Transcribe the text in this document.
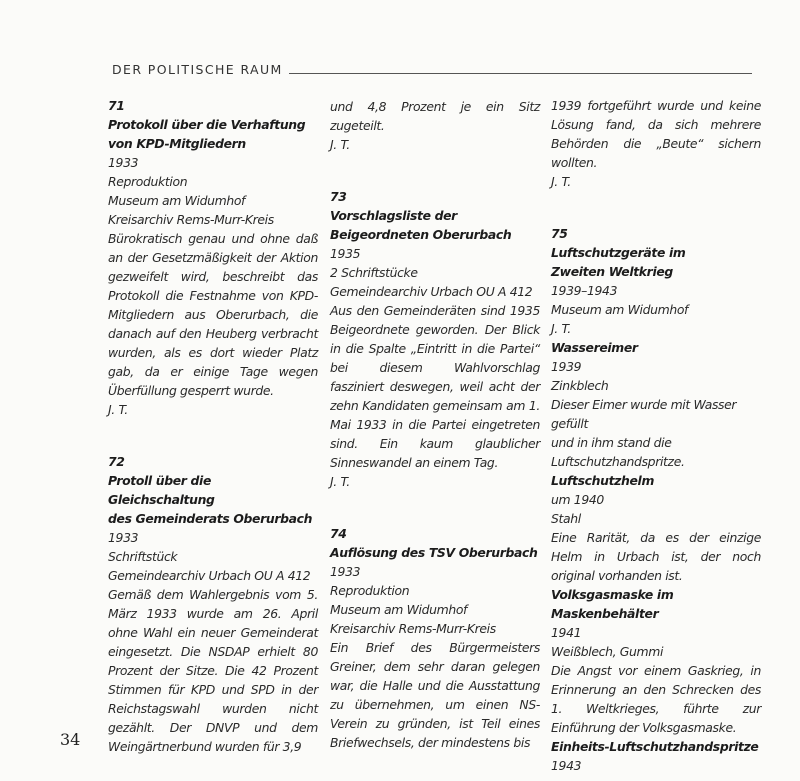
DER POLITISCHE RAUM

71

Protokoll über die Verhaftung

von KPD-Mitgliedern

1933

Reproduktion

Museum am Widumhof

Kreisarchiv Rems-Murr-Kreis

Bürokratisch genau und ohne daß an der Gesetzmäßigkeit der Aktion gezweifelt wird, beschreibt das Protokoll die Festnahme von KPD-Mitgliedern aus Oberurbach, die danach auf den Heuberg verbracht wurden, als es dort wieder Platz gab, da er einige Tage wegen Überfüllung gesperrt wurde.

J. T.

72

Protoll über die Gleichschaltung

des Gemeinderats Oberurbach

1933

Schriftstück

Gemeindearchiv Urbach OU A 412

Gemäß dem Wahlergebnis vom 5. März 1933 wurde am 26. April ohne Wahl ein neuer Gemeinderat eingesetzt. Die NSDAP erhielt 80 Prozent der Sitze. Die 42 Prozent Stimmen für KPD und SPD in der Reichstagswahl wurden nicht gezählt. Der DNVP und dem Weingärtnerbund wurden für 3,9

und 4,8 Prozent je ein Sitz zugeteilt.

J. T.

73

Vorschlagsliste der

Beigeordneten Oberurbach

1935

2 Schriftstücke

Gemeindearchiv Urbach OU A 412

Aus den Gemeinderäten sind 1935 Beigeordnete geworden. Der Blick in die Spalte „Eintritt in die Partei“ bei diesem Wahlvorschlag fasziniert deswegen, weil acht der zehn Kandidaten gemeinsam am 1. Mai 1933 in die Partei eingetreten sind. Ein kaum glaublicher Sinneswandel an einem Tag.

J. T.

74

Auflösung des TSV Oberurbach

1933

Reproduktion

Museum am Widumhof

Kreisarchiv Rems-Murr-Kreis

Ein Brief des Bürgermeisters Greiner, dem sehr daran gelegen war, die Halle und die Ausstattung zu übernehmen, um einen NS-Verein zu gründen, ist Teil eines Briefwechsels, der mindestens bis

1939 fortgeführt wurde und keine Lösung fand, da sich mehrere Behörden die „Beute“ sichern wollten.

J. T.

75

Luftschutzgeräte im

Zweiten Weltkrieg

1939–1943

Museum am Widumhof

J. T.

Wassereimer

1939

Zinkblech

Dieser Eimer wurde mit Wasser gefüllt

und in ihm stand die Luftschutzhandspritze.

Luftschutzhelm

um 1940

Stahl

Eine Rarität, da es der einzige Helm in Urbach ist, der noch original vorhanden ist.

Volksgasmaske im

Maskenbehälter

1941

Weißblech, Gummi

Die Angst vor einem Gaskrieg, in Erinnerung an den Schrecken des 1. Weltkrieges, führte zur Einführung der Volksgasmaske.

Einheits-Luftschutzhandspritze

1943

34
